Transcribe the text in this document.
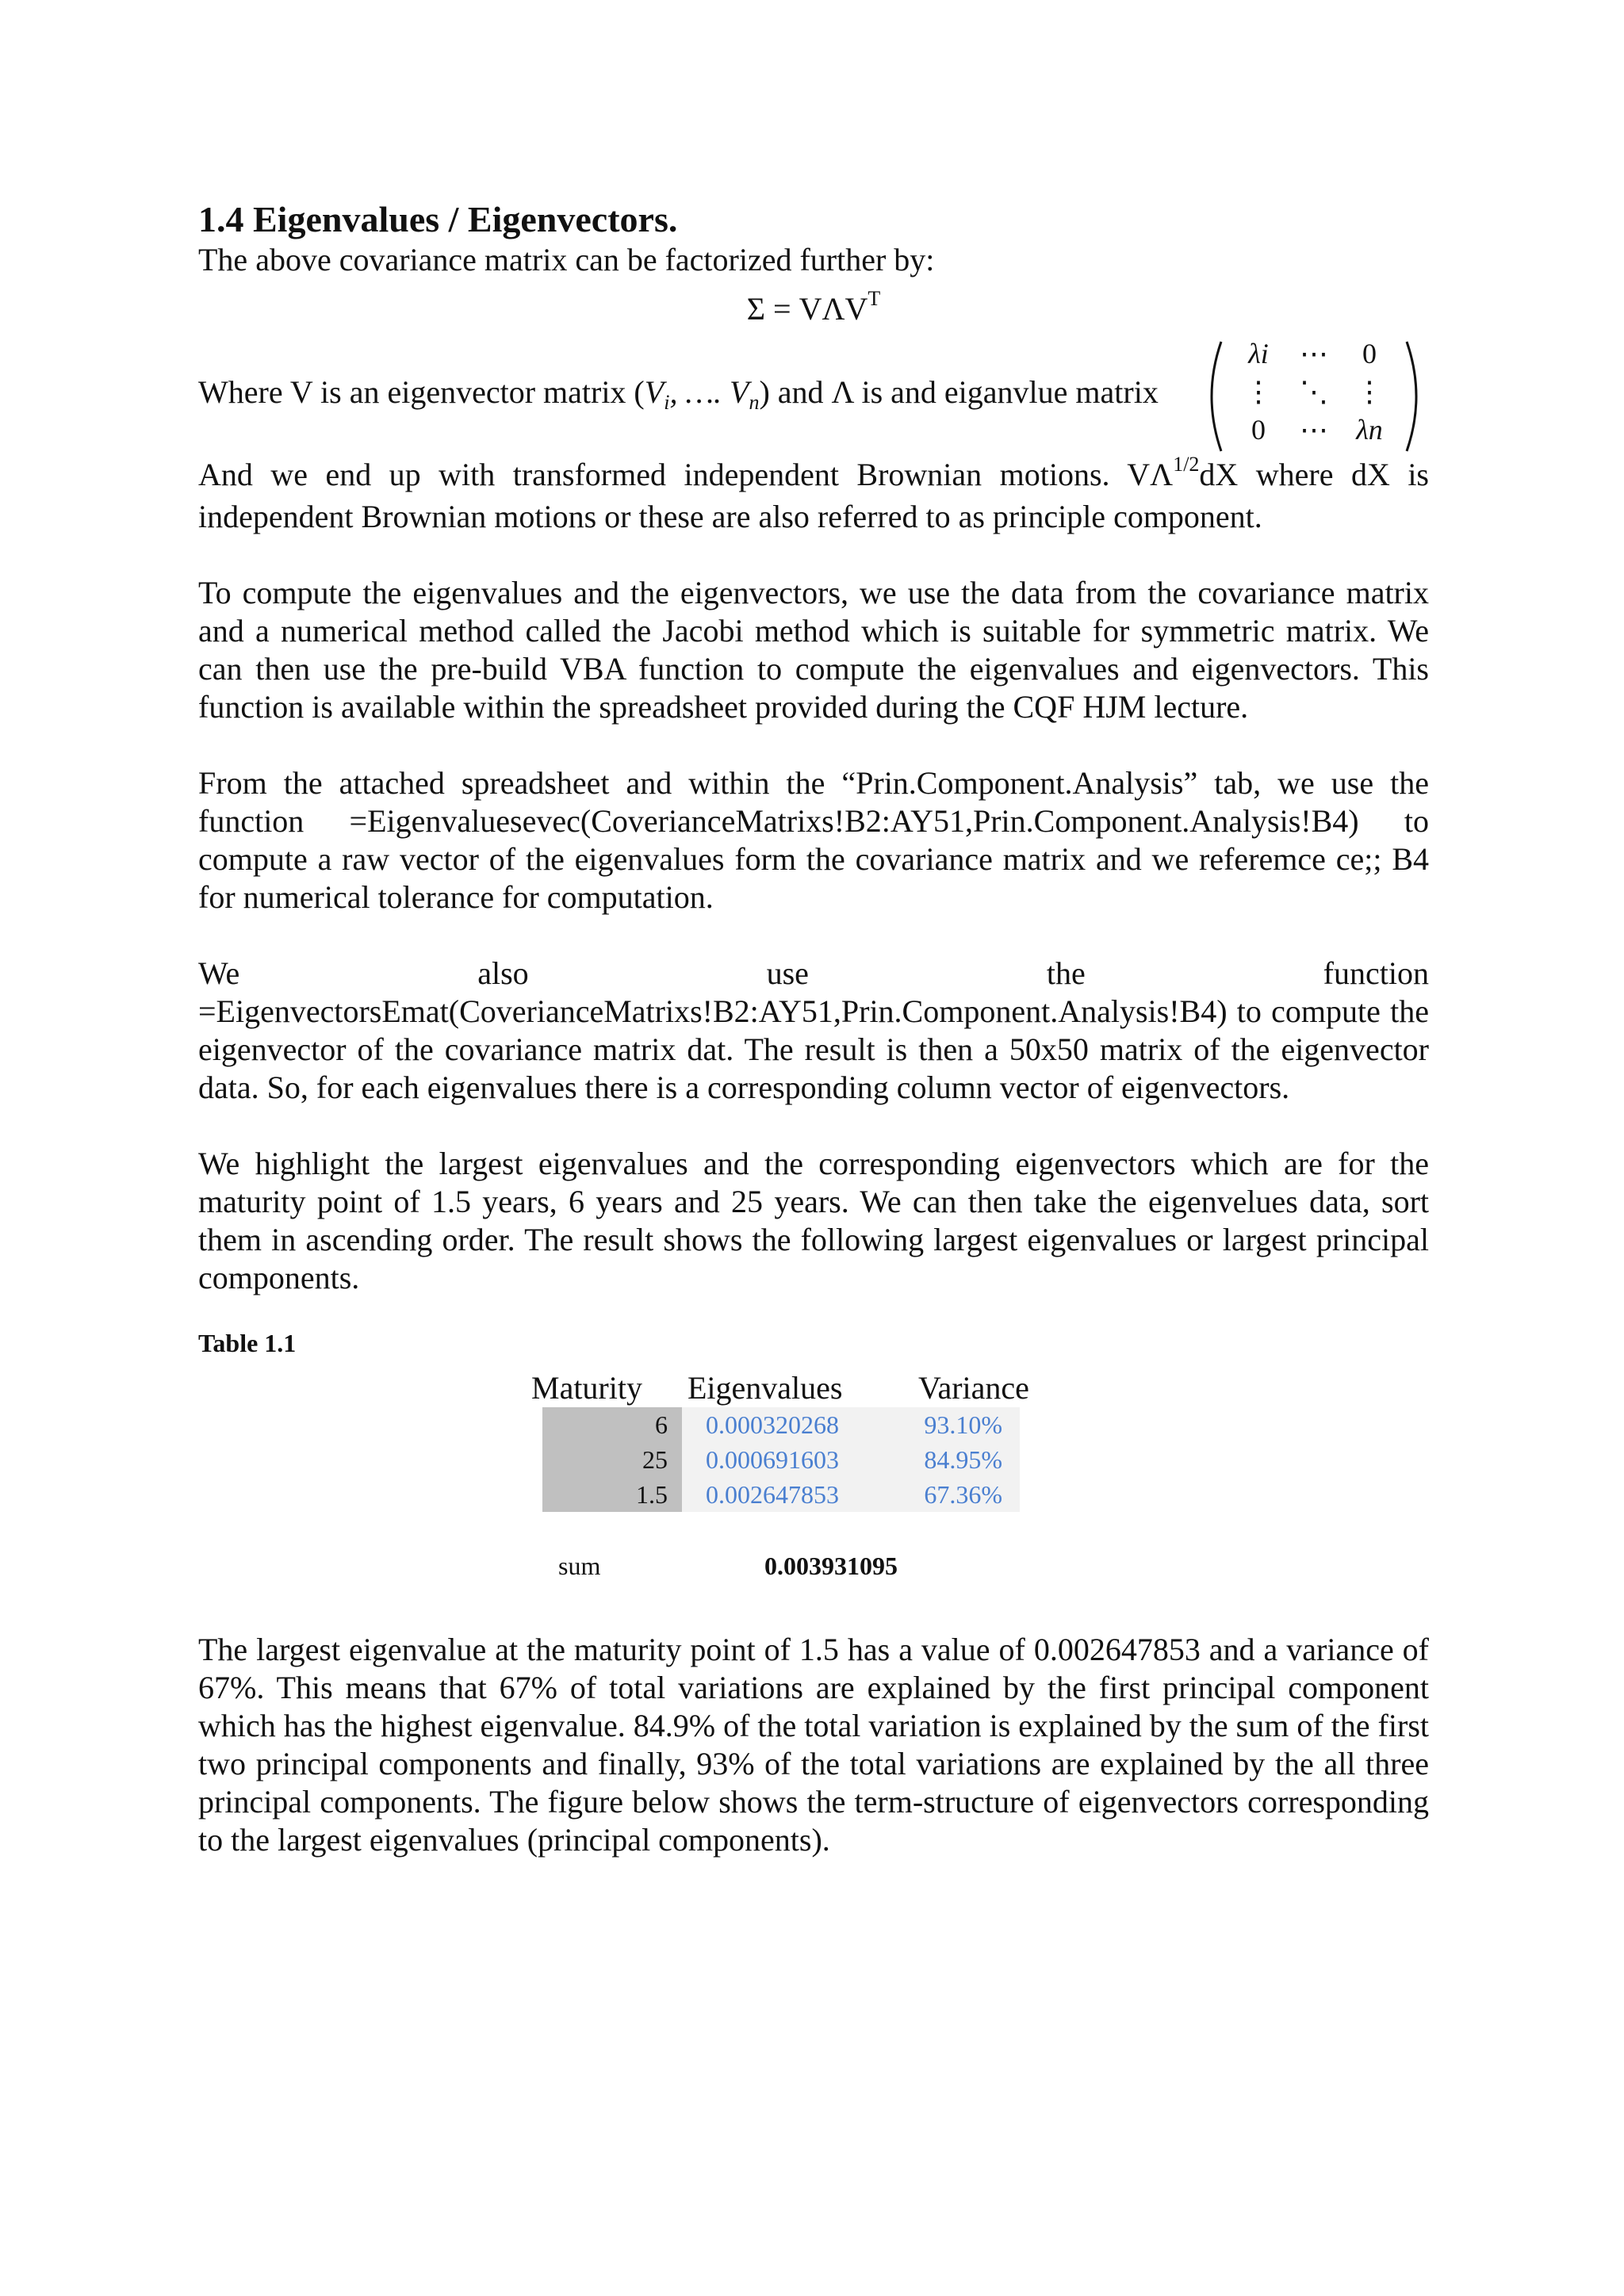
1.4 Eigenvalues / Eigenvectors.

The above covariance matrix can be factorized further by:

$\Sigma = V\Lambda V^T$
Where V is an eigenvector matrix ($V_i$, …. $V_n$) and Λ is and eiganvlue matrix
λi	⋯	0
⋮ ⋱ ⋮
0	⋯ λn

And we end up with transformed independent Brownian motions. $V\Lambda^{1/2}dX$ where dX is independent Brownian motions or these are also referred to as principle component.

To compute the eigenvalues and the eigenvectors, we use the data from the covariance matrix and a numerical method called the Jacobi method which is suitable for symmetric matrix. We can then use the pre-build VBA function to compute the eigenvalues and eigenvectors. This function is available within the spreadsheet provided during the CQF HJM lecture.

From the attached spreadsheet and within the “Prin.Component.Analysis” tab, we use the function =Eigenvaluesevec(CoverianceMatrixs!B2:AY51,Prin.Component.Analysis!B4) to compute a raw vector of the eigenvalues form the covariance matrix and we referemce ce;; B4 for numerical tolerance for computation.

We	also	use	the	function

=EigenvectorsEmat(CoverianceMatrixs!B2:AY51,Prin.Component.Analysis!B4) to compute the eigenvector of the covariance matrix dat. The result is then a 50x50 matrix of the eigenvector data. So, for each eigenvalues there is a corresponding column vector of eigenvectors.

We highlight the largest eigenvalues and the corresponding eigenvectors which are for the maturity point of 1.5 years, 6 years and 25 years. We can then take the eigenvelues data, sort them in ascending order. The result shows the following largest eigenvalues or largest principal components.

Table 1.1
Maturity Eigenvalues Variance
6	0.000320268	93.10%
25	0.000691603	84.95%
1.5	0.002647853	67.36%
sum	0.003931095

The largest eigenvalue at the maturity point of 1.5 has a value of 0.002647853 and a variance of 67%. This means that 67% of total variations are explained by the first principal component which has the highest eigenvalue. 84.9% of the total variation is explained by the sum of the first two principal components and finally, 93% of the total variations are explained by the all three principal components. The figure below shows the term-structure of eigenvectors corresponding to the largest eigenvalues (principal components).
